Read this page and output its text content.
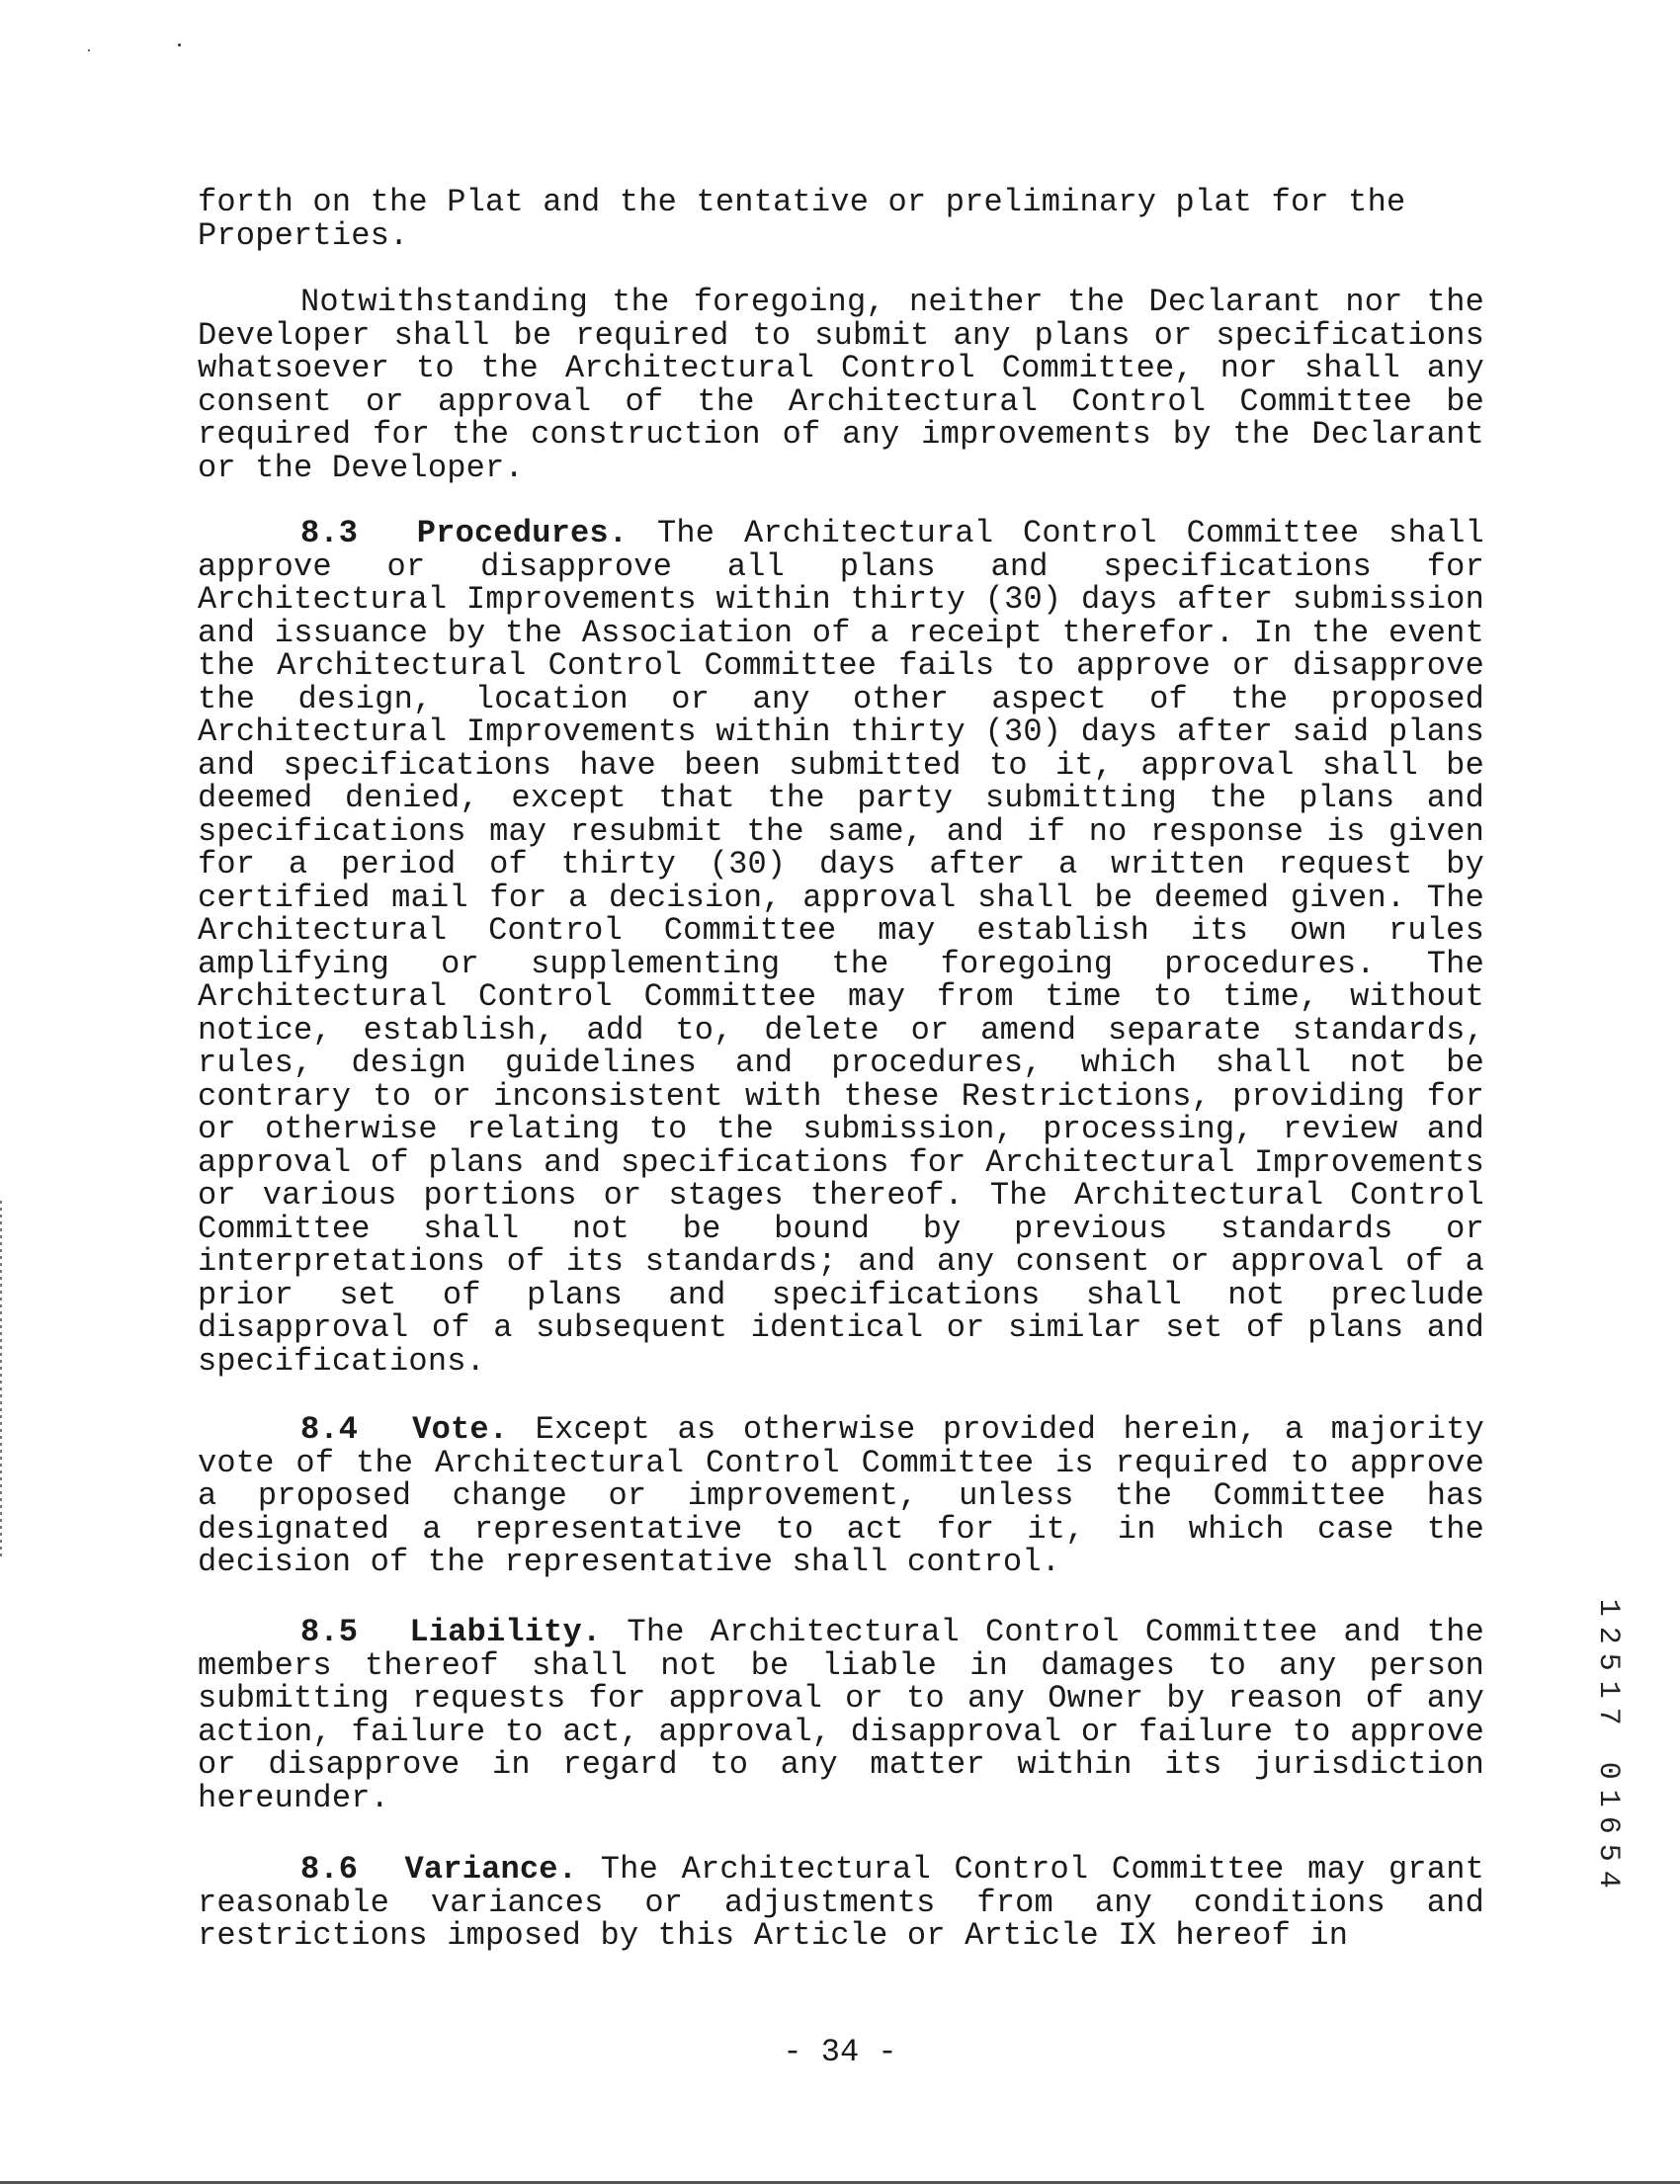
forth on the Plat and the tentative or preliminary plat for the
Properties.

Notwithstanding the foregoing, neither the Declarant nor the Developer shall be required to submit any plans or specifications whatsoever to the Architectural Control Committee, nor shall any consent or approval of the Architectural Control Committee be required for the construction of any improvements by the Declarant or the Developer.

8.3 Procedures. The Architectural Control Committee shall approve or disapprove all plans and specifications for Architectural Improvements within thirty (30) days after submission and issuance by the Association of a receipt therefor. In the event the Architectural Control Committee fails to approve or disapprove the design, location or any other aspect of the proposed Architectural Improvements within thirty (30) days after said plans and specifications have been submitted to it, approval shall be deemed denied, except that the party submitting the plans and specifications may resubmit the same, and if no response is given for a period of thirty (30) days after a written request by certified mail for a decision, approval shall be deemed given. The Architectural Control Committee may establish its own rules amplifying or supplementing the foregoing procedures. The Architectural Control Committee may from time to time, without notice, establish, add to, delete or amend separate standards, rules, design guidelines and procedures, which shall not be contrary to or inconsistent with these Restrictions, providing for or otherwise relating to the submission, processing, review and approval of plans and specifications for Architectural Improvements or various portions or stages thereof. The Architectural Control Committee shall not be bound by previous standards or interpretations of its standards; and any consent or approval of a prior set of plans and specifications shall not preclude disapproval of a subsequent identical or similar set of plans and specifications.

8.4 Vote. Except as otherwise provided herein, a majority vote of the Architectural Control Committee is required to approve a proposed change or improvement, unless the Committee has designated a representative to act for it, in which case the decision of the representative shall control.

8.5 Liability. The Architectural Control Committee and the members thereof shall not be liable in damages to any person submitting requests for approval or to any Owner by reason of any action, failure to act, approval, disapproval or failure to approve or disapprove in regard to any matter within its jurisdiction hereunder.

8.6 Variance. The Architectural Control Committee may grant reasonable variances or adjustments from any conditions and restrictions imposed by this Article or Article IX hereof in

1
2
5
1
7

0
1
6
5
4
- 34 -
